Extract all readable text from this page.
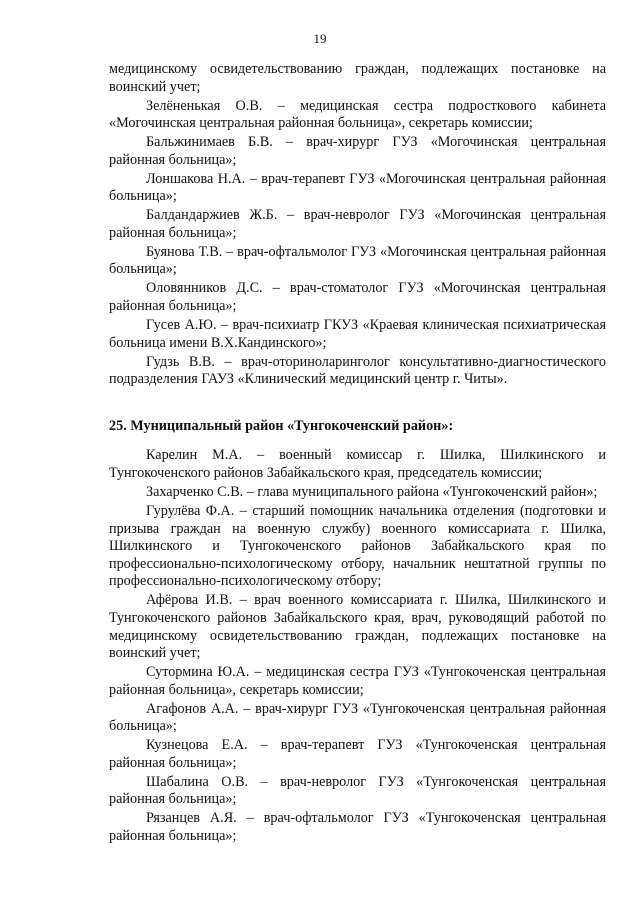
19

медицинскому освидетельствованию граждан, подлежащих постановке на воинский учет;

Зелёненькая О.В. – медицинская сестра подросткового кабинета «Могочинская центральная районная больница», секретарь комиссии;

Бальжинимаев Б.В. – врач-хирург ГУЗ «Могочинская центральная районная больница»;

Лоншакова Н.А. – врач-терапевт ГУЗ «Могочинская центральная районная больница»;

Балдандаржиев Ж.Б. – врач-невролог ГУЗ «Могочинская центральная районная больница»;

Буянова Т.В. – врач-офтальмолог ГУЗ «Могочинская центральная районная больница»;

Оловянников Д.С. – врач-стоматолог ГУЗ «Могочинская центральная районная больница»;

Гусев А.Ю. – врач-психиатр ГКУЗ «Краевая клиническая психиатрическая больница имени В.Х.Кандинского»;

Гудзь В.В. – врач-оториноларинголог консультативно-диагностического подразделения ГАУЗ «Клинический медицинский центр г. Читы».

25. Муниципальный район «Тунгокоченский район»:

Карелин М.А. – военный комиссар г. Шилка, Шилкинского и Тунгокоченского районов Забайкальского края, председатель комиссии;

Захарченко С.В. – глава муниципального района «Тунгокоченский район»;

Гурулёва Ф.А. – старший помощник начальника отделения (подготовки и призыва граждан на военную службу) военного комиссариата г. Шилка, Шилкинского и Тунгокоченского районов Забайкальского края по профессионально-психологическому отбору, начальник нештатной группы по профессионально-психологическому отбору;

Афёрова И.В. – врач военного комиссариата г. Шилка, Шилкинского и Тунгокоченского районов Забайкальского края, врач, руководящий работой по медицинскому освидетельствованию граждан, подлежащих постановке на воинский учет;

Сутормина Ю.А. – медицинская сестра ГУЗ «Тунгокоченская центральная районная больница», секретарь комиссии;

Агафонов А.А. – врач-хирург ГУЗ «Тунгокоченская центральная районная больница»;

Кузнецова Е.А. – врач-терапевт ГУЗ «Тунгокоченская центральная районная больница»;

Шабалина О.В. – врач-невролог ГУЗ «Тунгокоченская центральная районная больница»;

Рязанцев А.Я. – врач-офтальмолог ГУЗ «Тунгокоченская центральная районная больница»;
